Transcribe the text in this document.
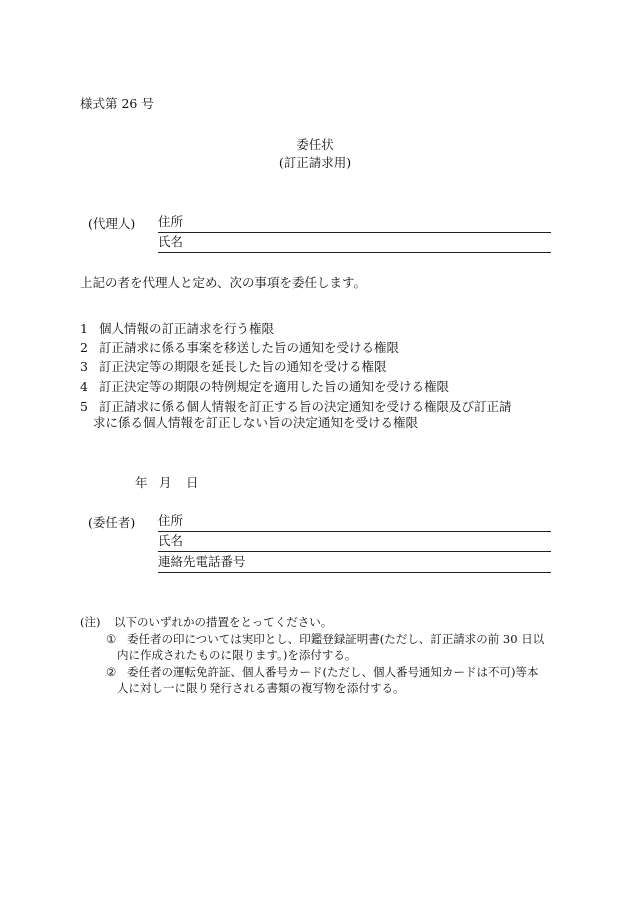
様式第 26 号
委任状
(訂正請求用)
(代理人) 住所
氏名
上記の者を代理人と定め、次の事項を委任します。
1 個人情報の訂正請求を行う権限
2 訂正請求に係る事案を移送した旨の通知を受ける権限
3 訂正決定等の期限を延長した旨の通知を受ける権限
4 訂正決定等の期限の特例規定を適用した旨の通知を受ける権限
5 訂正請求に係る個人情報を訂正する旨の決定通知を受ける権限及び訂正請
求に係る個人情報を訂正しない旨の決定通知を受ける権限
年 月 日
(委任者) 住所
氏名
連絡先電話番号
(注) 以下のいずれかの措置をとってください。
① 委任者の印については実印とし、印鑑登録証明書(ただし、訂正請求の前 30 日以
内に作成されたものに限ります。)を添付する。
② 委任者の運転免許証、個人番号カード(ただし、個人番号通知カードは不可)等本
人に対し一に限り発行される書類の複写物を添付する。
